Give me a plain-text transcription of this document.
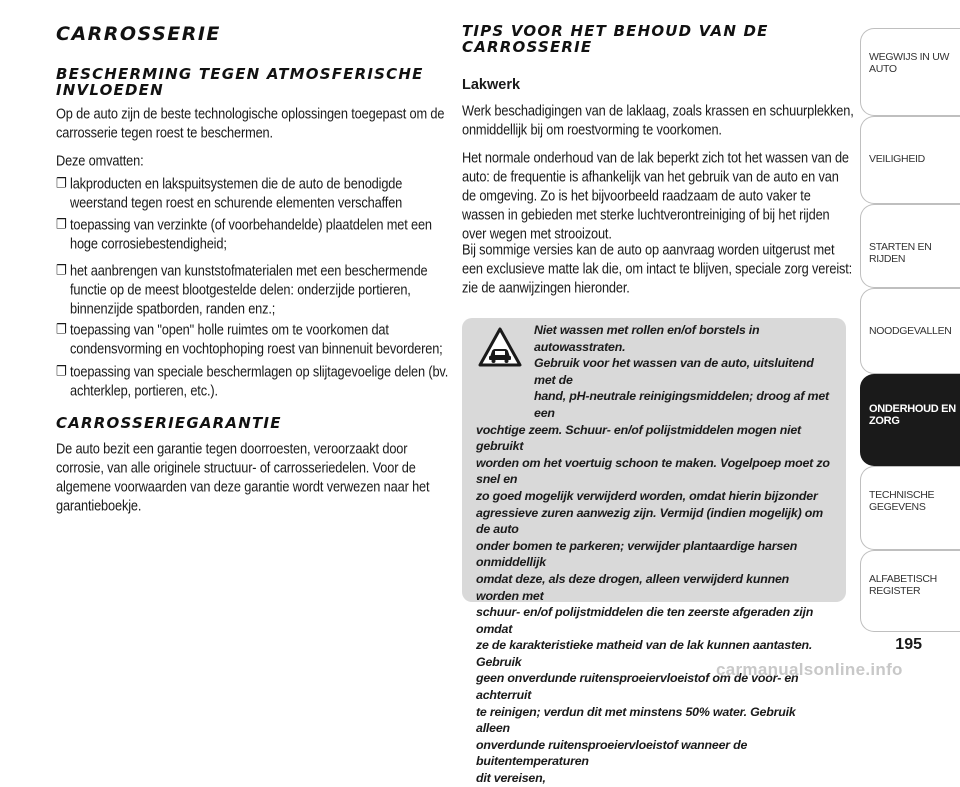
CARROSSERIE
BESCHERMING TEGEN ATMOSFERISCHE
INVLOEDEN
Op de auto zijn de beste technologische oplossingen toegepast om de
carrosserie tegen roest te beschermen.
Deze omvatten:
❒ lakproducten en lakspuitsystemen die de auto de benodigde
weerstand tegen roest en schurende elementen verschaffen
❒ toepassing van verzinkte (of voorbehandelde) plaatdelen met een
hoge corrosiebestendigheid;
❒ het aanbrengen van kunststofmaterialen met een beschermende
functie op de meest blootgestelde delen: onderzijde portieren,
binnenzijde spatborden, randen enz.;
❒ toepassing van "open" holle ruimtes om te voorkomen dat
condensvorming en vochtophoping roest van binnenuit bevorderen;
❒ toepassing van speciale beschermlagen op slijtagevoelige delen (bv.
achterklep, portieren, etc.).
CARROSSERIEGARANTIE
De auto bezit een garantie tegen doorroesten, veroorzaakt door
corrosie, van alle originele structuur- of carrosseriedelen. Voor de
algemene voorwaarden van deze garantie wordt verwezen naar het
garantieboekje.
TIPS VOOR HET BEHOUD VAN DE
CARROSSERIE
Lakwerk
Werk beschadigingen van de laklaag, zoals krassen en schuurplekken,
onmiddellijk bij om roestvorming te voorkomen.
Het normale onderhoud van de lak beperkt zich tot het wassen van de
auto: de frequentie is afhankelijk van het gebruik van de auto en van
de omgeving. Zo is het bijvoorbeeld raadzaam de auto vaker te
wassen in gebieden met sterke luchtverontreiniging of bij het rijden
over wegen met strooizout.
Bij sommige versies kan de auto op aanvraag worden uitgerust met
een exclusieve matte lak die, om intact te blijven, speciale zorg vereist:
zie de aanwijzingen hieronder.
Niet wassen met rollen en/of borstels in autowasstraten.
Gebruik voor het wassen van de auto, uitsluitend met de
hand, pH-neutrale reinigingsmiddelen; droog af met een
vochtige zeem. Schuur- en/of polijstmiddelen mogen niet gebruikt
worden om het voertuig schoon te maken. Vogelpoep moet zo snel en
zo goed mogelijk verwijderd worden, omdat hierin bijzonder
agressieve zuren aanwezig zijn. Vermijd (indien mogelijk) om de auto
onder bomen te parkeren; verwijder plantaardige harsen onmiddellijk
omdat deze, als deze drogen, alleen verwijderd kunnen worden met
schuur- en/of polijstmiddelen die ten zeerste afgeraden zijn omdat
ze de karakteristieke matheid van de lak kunnen aantasten. Gebruik
geen onverdunde ruitensproeiervloeistof om de voor- en achterruit
te reinigen; verdun dit met minstens 50% water. Gebruik alleen
onverdunde ruitensproeiervloeistof wanneer de buitentemperaturen
dit vereisen,
WEGWIJS IN UW
AUTO
VEILIGHEID
STARTEN EN RIJDEN
NOODGEVALLEN
ONDERHOUD EN
ZORG
TECHNISCHE
GEGEVENS
ALFABETISCH
REGISTER
195
carmanualsonline.info
